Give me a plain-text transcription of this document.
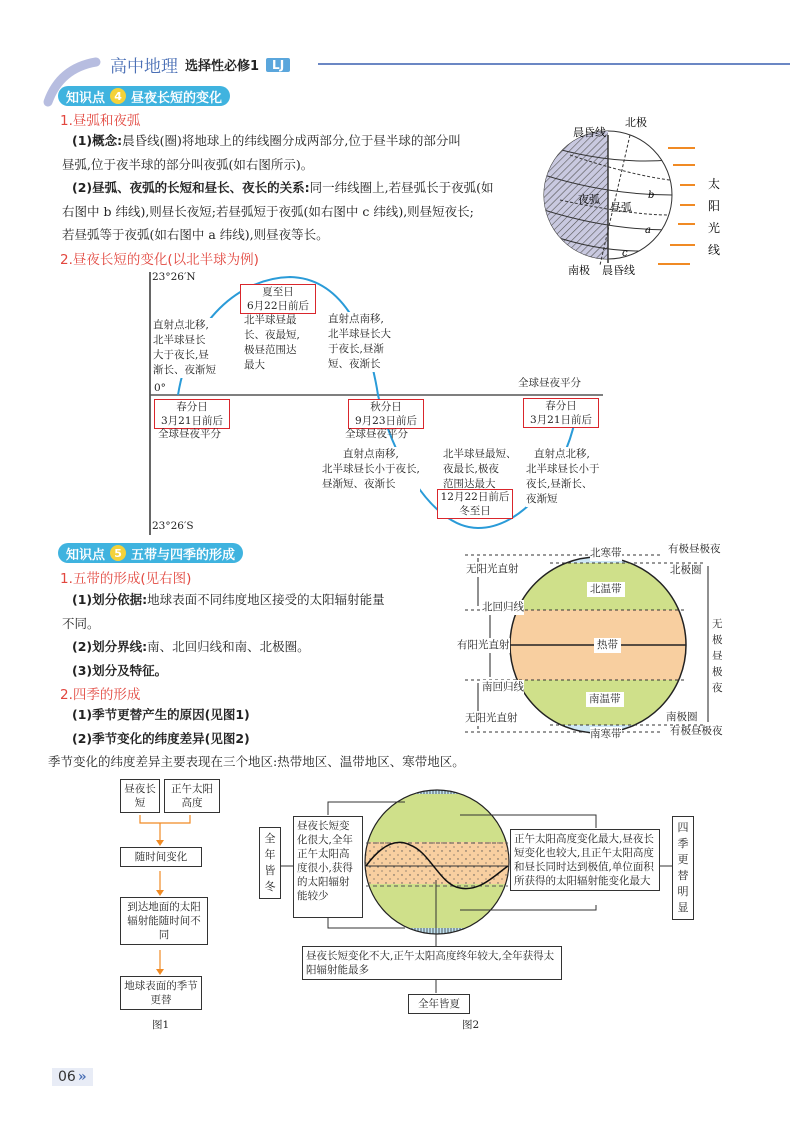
高中地理 选择性必修1	LJ
知识点 4 昼夜长短的变化
1.昼弧和夜弧
(1)概念:晨昏线(圈)将地球上的纬线圈分成两部分,位于昼半球的部分叫
昼弧,位于夜半球的部分叫夜弧(如右图所示)。
(2)昼弧、夜弧的长短和昼长、夜长的关系:同一纬线圈上,若昼弧长于夜弧(如
右图中 b 纬线),则昼长夜短;若昼弧短于夜弧(如右图中 c 纬线),则昼短夜长;
若昼弧等于夜弧(如右图中 a 纬线),则昼夜等长。
晨昏线
北极
夜弧
昼弧
b
a
c
南极 晨昏线
太
阳
光
线
2.昼夜长短的变化(以北半球为例)
23°26′N
0°
23°26′S
春分日
3月21日前后
全球昼夜平分
夏至日
6月22日前后
秋分日
9月23日前后
全球昼夜平分
12月22日前后
冬至日
春分日
3月21日前后
全球昼夜平分
直射点北移,
北半球昼长
大于夜长,昼
渐长、夜渐短
北半球昼最
长、夜最短,
极昼范围达
最大
直射点南移,
北半球昼长大
于夜长,昼渐
短、夜渐长
直射点南移,
北半球昼长小于夜长,
昼渐短、夜渐长
北半球昼最短、
夜最长,极夜
范围达最大
直射点北移,
北半球昼长小于
夜长,昼渐长、
夜渐短
知识点 5 五带与四季的形成
1.五带的形成(见右图)
(1)划分依据:地球表面不同纬度地区接受的太阳辐射能量
不同。
(2)划分界线:南、北回归线和南、北极圈。
(3)划分及特征。
2.四季的形成
(1)季节更替产生的原因(见图1)
(2)季节变化的纬度差异(见图2)
季节变化的纬度差异主要表现在三个地区:热带地区、温带地区、寒带地区。
北寒带
北温带
热带
南温带
南寒带
北回归线
南回归线
北极圈
南极圈
无阳光直射
有阳光直射
无阳光直射
有极昼极夜
有极昼极夜
无
极
昼
极
夜
昼夜长短
正午太阳高度
随时间变化
到达地面的太阳辐射能随时间不同
地球表面的季节更替
图1
昼夜长短变化很大,全年正午太阳高度很小,获得的太阳辐射能较少
全
年
皆
冬
正午太阳高度变化最大,昼夜长短变化也较大,且正午太阳高度和昼长同时达到极值,单位面积所获得的太阳辐射能变化最大
四
季
更
替
明
显
昼夜长短变化不大,正午太阳高度终年较大,全年获得太阳辐射能最多
全年皆夏
图2
06 »
